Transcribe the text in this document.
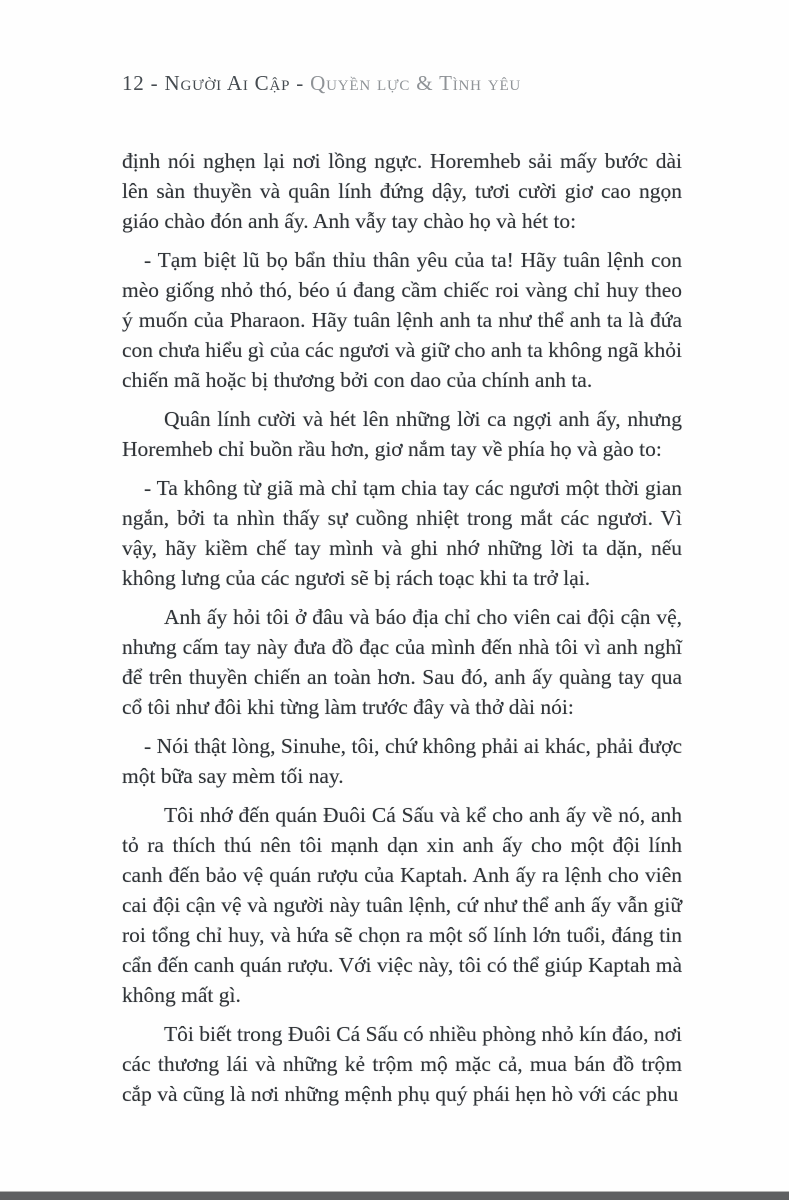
12 - Người Ai Cập - Quyền lực & Tình yêu

định nói nghẹn lại nơi lồng ngực. Horemheb sải mấy bước dài lên sàn thuyền và quân lính đứng dậy, tươi cười giơ cao ngọn giáo chào đón anh ấy. Anh vẫy tay chào họ và hét to:

- Tạm biệt lũ bọ bẩn thỉu thân yêu của ta! Hãy tuân lệnh con mèo giống nhỏ thó, béo ú đang cầm chiếc roi vàng chỉ huy theo ý muốn của Pharaon. Hãy tuân lệnh anh ta như thể anh ta là đứa con chưa hiểu gì của các ngươi và giữ cho anh ta không ngã khỏi chiến mã hoặc bị thương bởi con dao của chính anh ta.

Quân lính cười và hét lên những lời ca ngợi anh ấy, nhưng Horemheb chỉ buồn rầu hơn, giơ nắm tay về phía họ và gào to:

- Ta không từ giã mà chỉ tạm chia tay các ngươi một thời gian ngắn, bởi ta nhìn thấy sự cuồng nhiệt trong mắt các ngươi. Vì vậy, hãy kiềm chế tay mình và ghi nhớ những lời ta dặn, nếu không lưng của các ngươi sẽ bị rách toạc khi ta trở lại.

Anh ấy hỏi tôi ở đâu và báo địa chỉ cho viên cai đội cận vệ, nhưng cấm tay này đưa đồ đạc của mình đến nhà tôi vì anh nghĩ để trên thuyền chiến an toàn hơn. Sau đó, anh ấy quàng tay qua cổ tôi như đôi khi từng làm trước đây và thở dài nói:

- Nói thật lòng, Sinuhe, tôi, chứ không phải ai khác, phải được một bữa say mèm tối nay.

Tôi nhớ đến quán Đuôi Cá Sấu và kể cho anh ấy về nó, anh tỏ ra thích thú nên tôi mạnh dạn xin anh ấy cho một đội lính canh đến bảo vệ quán rượu của Kaptah. Anh ấy ra lệnh cho viên cai đội cận vệ và người này tuân lệnh, cứ như thể anh ấy vẫn giữ roi tổng chỉ huy, và hứa sẽ chọn ra một số lính lớn tuổi, đáng tin cẩn đến canh quán rượu. Với việc này, tôi có thể giúp Kaptah mà không mất gì.

Tôi biết trong Đuôi Cá Sấu có nhiều phòng nhỏ kín đáo, nơi các thương lái và những kẻ trộm mộ mặc cả, mua bán đồ trộm cắp và cũng là nơi những mệnh phụ quý phái hẹn hò với các phu
